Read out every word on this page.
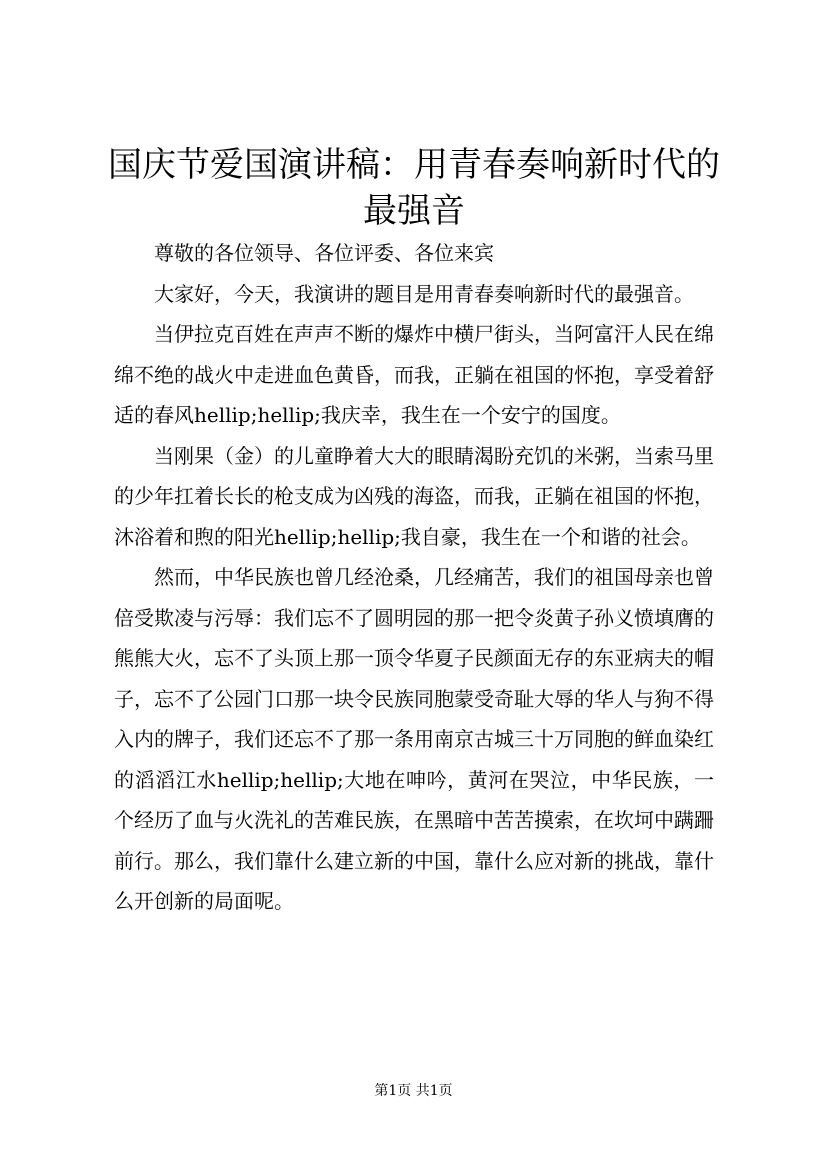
国庆节爱国演讲稿：用青春奏响新时代的最强音

尊敬的各位领导、各位评委、各位来宾

大家好，今天，我演讲的题目是用青春奏响新时代的最强音。

当伊拉克百姓在声声不断的爆炸中横尸街头，当阿富汗人民在绵绵不绝的战火中走进血色黄昏，而我，正躺在祖国的怀抱，享受着舒适的春风hellip;hellip;我庆幸，我生在一个安宁的国度。

当刚果（金）的儿童睁着大大的眼睛渴盼充饥的米粥，当索马里的少年扛着长长的枪支成为凶残的海盗，而我，正躺在祖国的怀抱，沐浴着和煦的阳光hellip;hellip;我自豪，我生在一个和谐的社会。

然而，中华民族也曾几经沧桑，几经痛苦，我们的祖国母亲也曾倍受欺凌与污辱：我们忘不了圆明园的那一把令炎黄子孙义愤填膺的熊熊大火，忘不了头顶上那一顶令华夏子民颜面无存的东亚病夫的帽子，忘不了公园门口那一块令民族同胞蒙受奇耻大辱的华人与狗不得入内的牌子，我们还忘不了那一条用南京古城三十万同胞的鲜血染红的滔滔江水hellip;hellip;大地在呻吟，黄河在哭泣，中华民族，一个经历了血与火洗礼的苦难民族，在黑暗中苦苦摸索，在坎坷中蹒跚前行。那么，我们靠什么建立新的中国，靠什么应对新的挑战，靠什么开创新的局面呢。

第1页 共1页
